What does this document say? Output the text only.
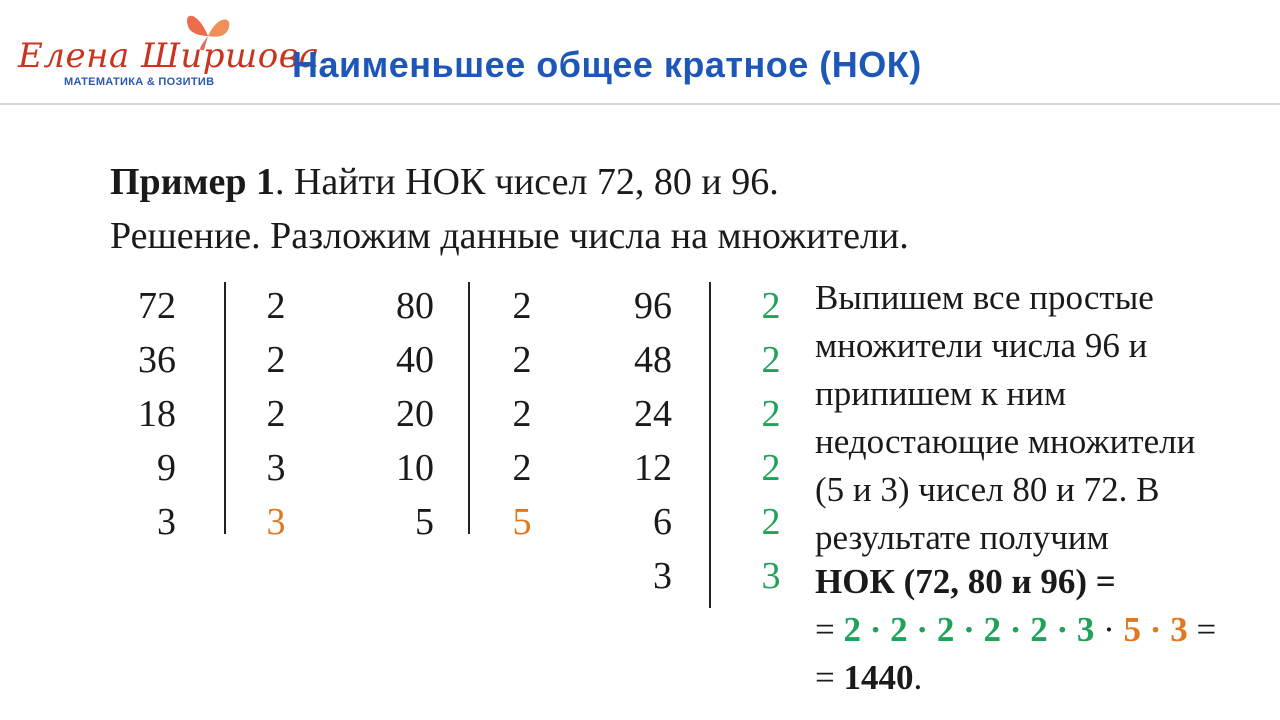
Елена Ширшова
МАТЕМАТИКА & ПОЗИТИВ Наименьшее общее кратное (НОК)
Пример 1. Найти НОК чисел 72, 80 и 96.
Решение. Разложим данные числа на множители.
72
36
18
9
3
2
2
2
3
3
80
40
20
10
5
2
2
2
2
5
96
48
24
12
6
3
2
2
2
2
2
3

Выпишем все простые

множители числа 96 и

припишем к ним

недостающие множители

(5 и 3) чисел 80 и 72. В

результате получим

НОК (72, 80 и 96) =
= 2 · 2 · 2 · 2 · 2 · 3 · 5 · 3 =
= 1440.
